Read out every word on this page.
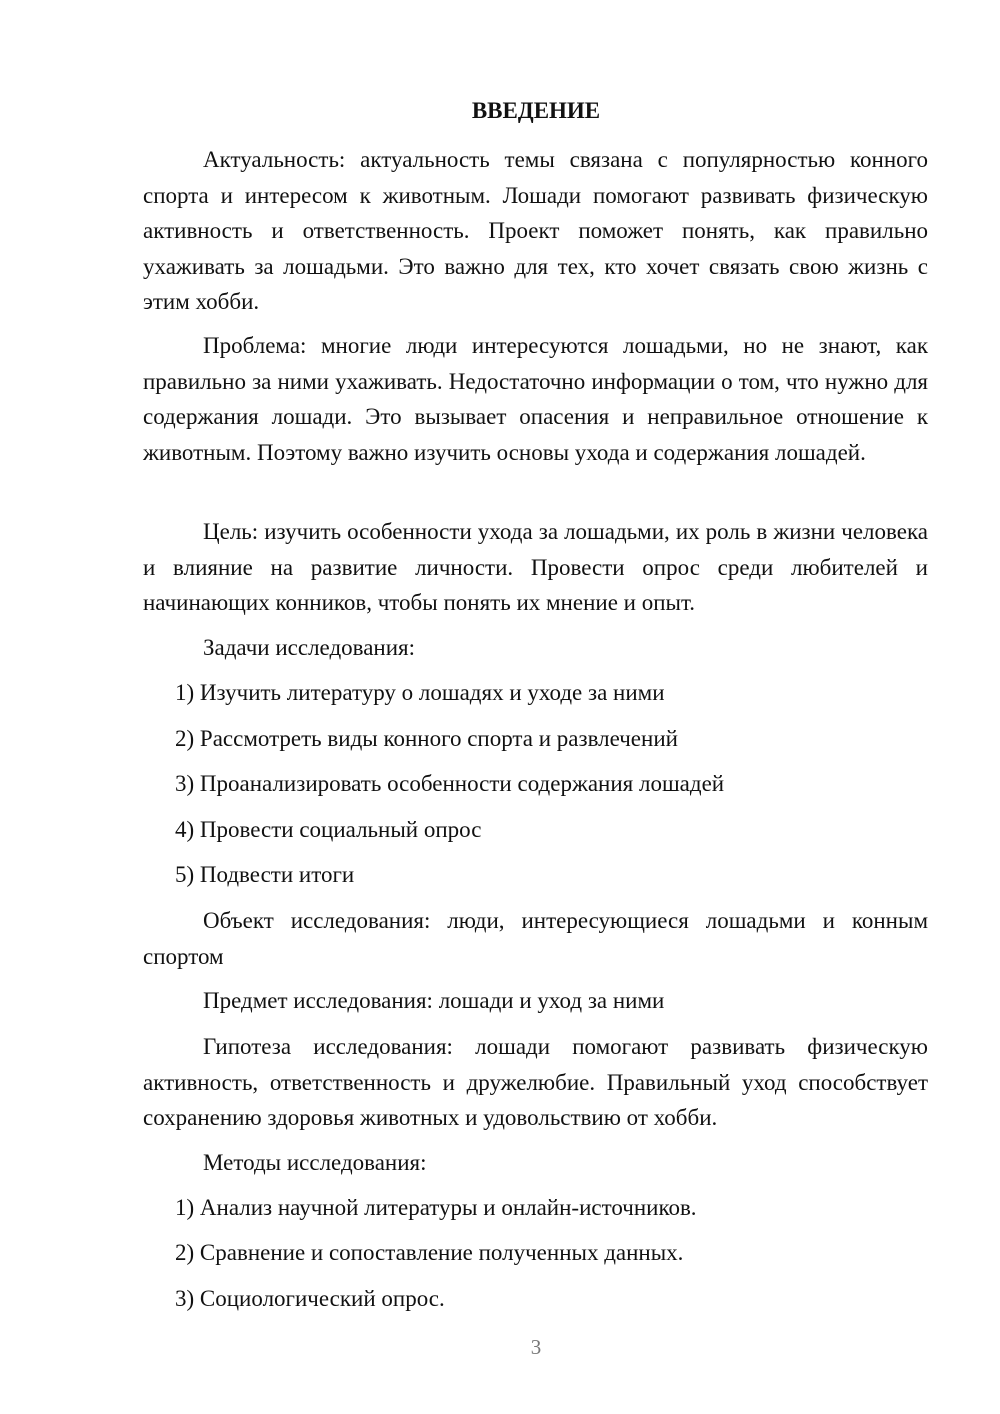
ВВЕДЕНИЕ

Актуальность: актуальность темы связана с популярностью конного спорта и интересом к животным. Лошади помогают развивать физическую активность и ответственность. Проект поможет понять, как правильно ухаживать за лошадьми. Это важно для тех, кто хочет связать свою жизнь с этим хобби.

Проблема: многие люди интересуются лошадьми, но не знают, как правильно за ними ухаживать. Недостаточно информации о том, что нужно для содержания лошади. Это вызывает опасения и неправильное отношение к животным. Поэтому важно изучить основы ухода и содержания лошадей.

Цель: изучить особенности ухода за лошадьми, их роль в жизни человека и влияние на развитие личности. Провести опрос среди любителей и начинающих конников, чтобы понять их мнение и опыт.

Задачи исследования:
1) Изучить литературу о лошадях и уходе за ними
2) Рассмотреть виды конного спорта и развлечений
3) Проанализировать особенности содержания лошадей
4) Провести социальный опрос
5) Подвести итоги

Объект исследования: люди, интересующиеся лошадьми и конным спортом

Предмет исследования: лошади и уход за ними

Гипотеза исследования: лошади помогают развивать физическую активность, ответственность и дружелюбие. Правильный уход способствует сохранению здоровья животных и удовольствию от хобби.

Методы исследования:
1) Анализ научной литературы и онлайн-источников.
2) Сравнение и сопоставление полученных данных.
3) Социологический опрос.
3
